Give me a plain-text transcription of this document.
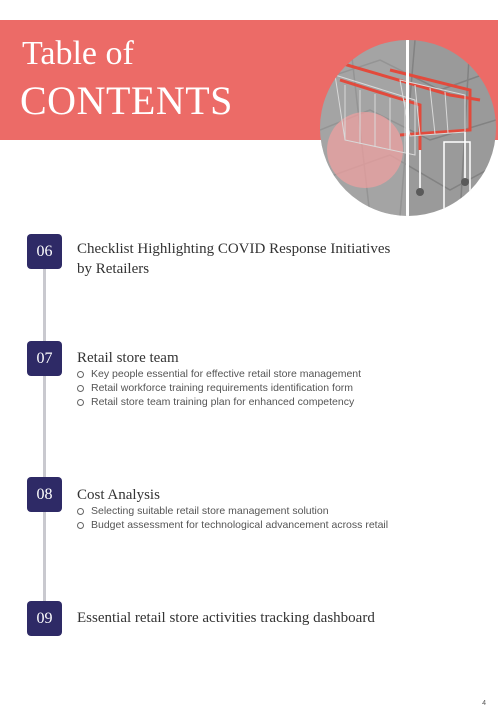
Table of
CONTENTS
06	Checklist Highlighting COVID Response Initiatives
by Retailers
07	Retail store team
Key people essential for effective retail store management
Retail workforce training requirements identification form
Retail store team training plan for enhanced competency
08	Cost Analysis
Selecting suitable retail store management solution
Budget assessment for technological advancement across retail
09	Essential retail store activities tracking dashboard
4
